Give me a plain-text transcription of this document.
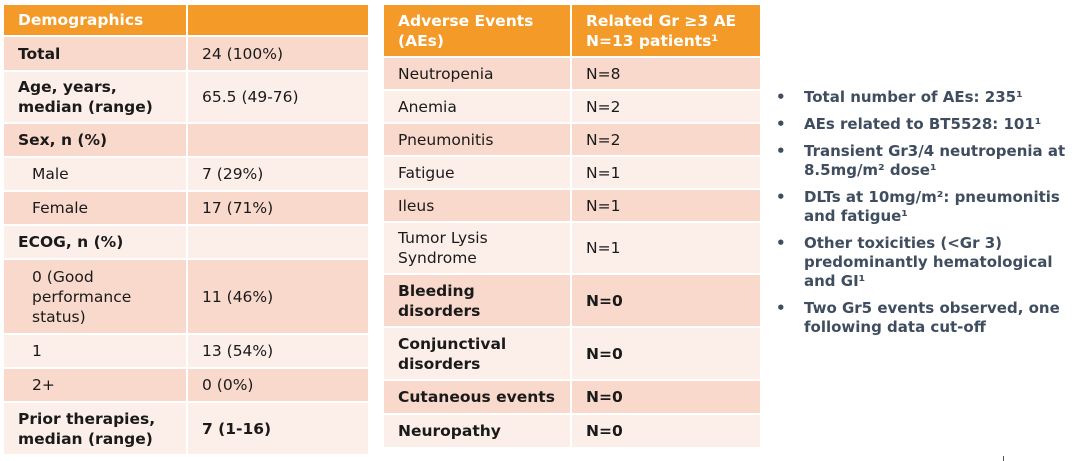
Demographics	
Total	24 (100%)
Age, years, median (range)	65.5 (49-76)
Sex, n (%)	
Male	7 (29%)
Female	17 (71%)
ECOG, n (%)	
0 (Good performance status)	11 (46%)
1	13 (54%)
2+	0 (0%)
Prior therapies, median (range)	7 (1-16)
Adverse Events (AEs)	Related Gr ≥3 AE N=13 patients¹
Neutropenia	N=8
Anemia	N=2
Pneumonitis	N=2
Fatigue	N=1
Ileus	N=1
Tumor Lysis Syndrome	N=1
Bleeding disorders	N=0
Conjunctival disorders	N=0
Cutaneous events	N=0
Neuropathy	N=0
• Total number of AEs: 235¹
• AEs related to BT5528: 101¹
• Transient Gr3/4 neutropenia at 8.5mg/m² dose¹
• DLTs at 10mg/m²: pneumonitis and fatigue¹
• Other toxicities (<Gr 3) predominantly hematological and GI¹
• Two Gr5 events observed, one following data cut-off
